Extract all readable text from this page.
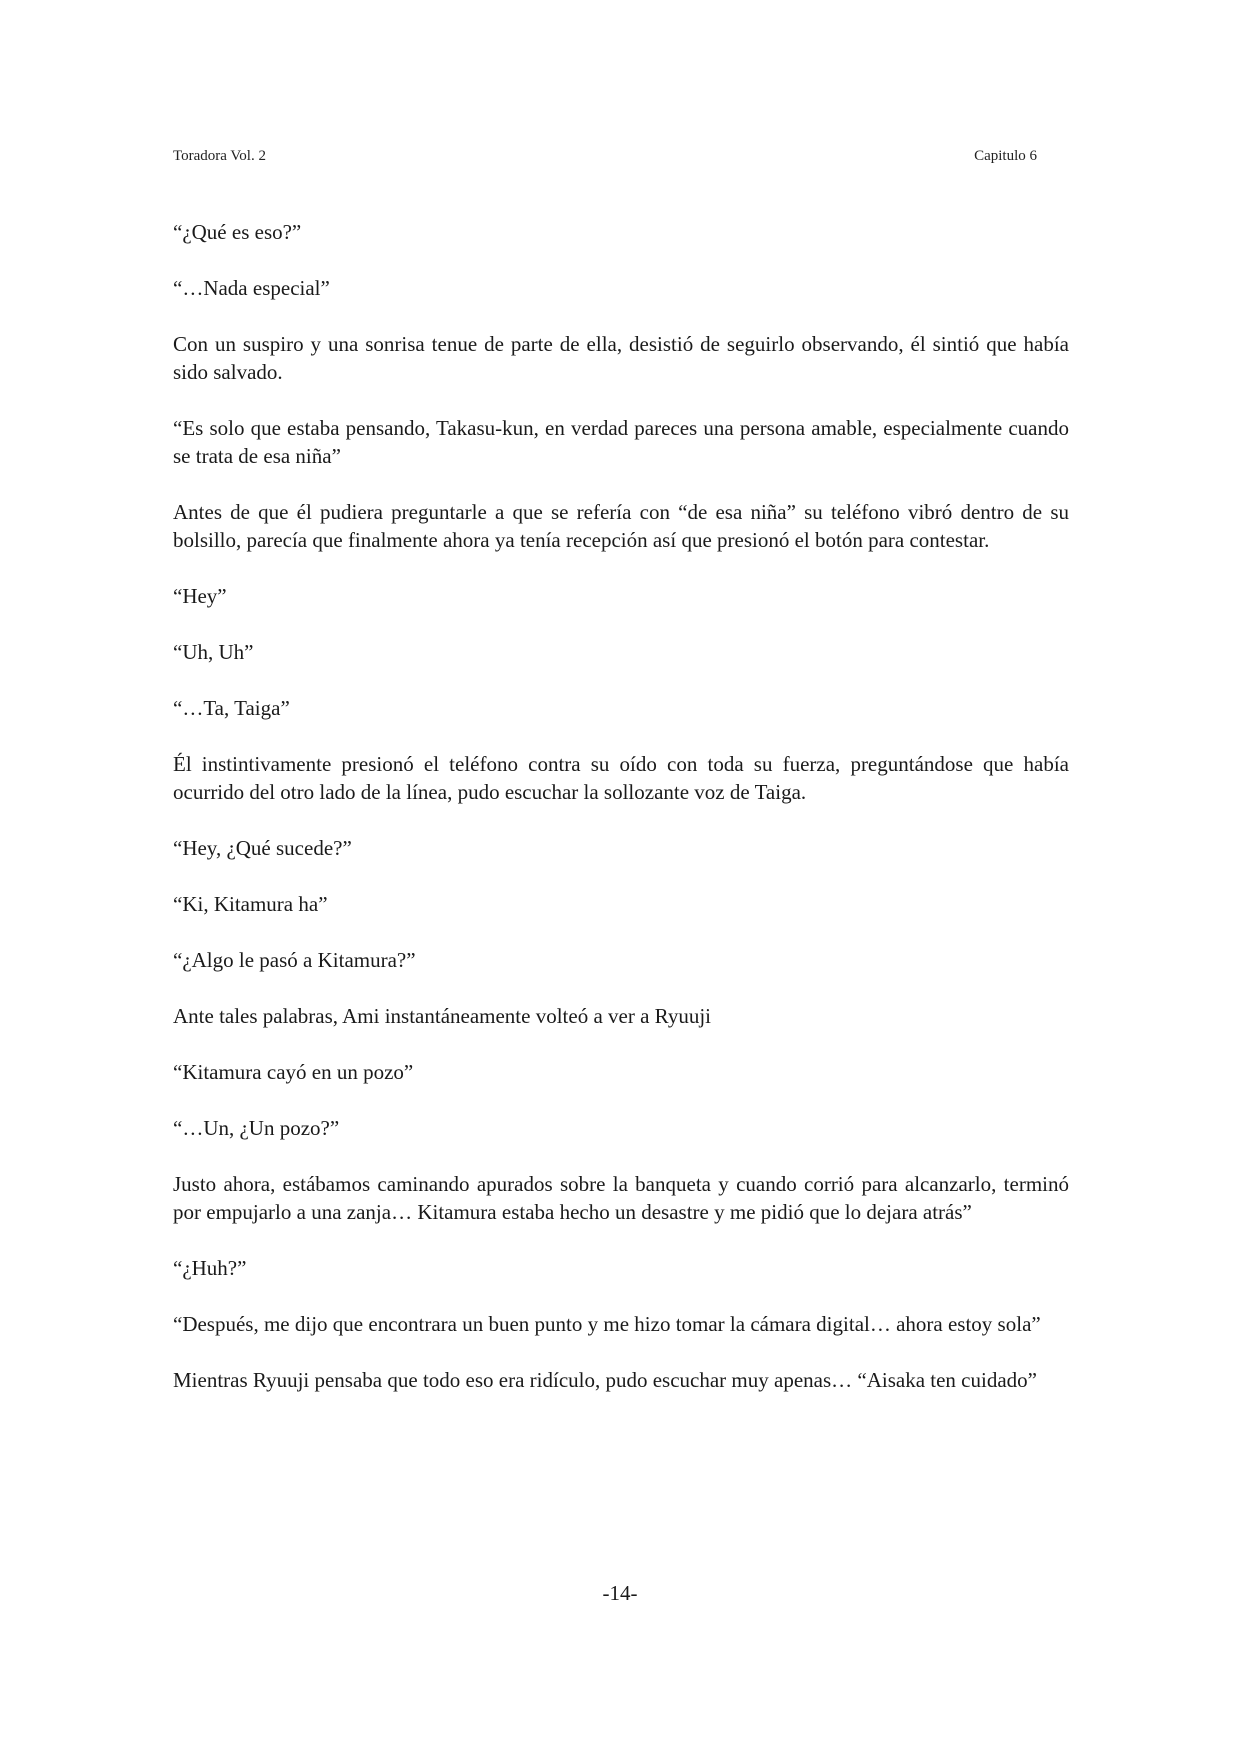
Toradora Vol. 2	Capitulo 6

“¿Qué es eso?”

“…Nada especial”

Con un suspiro y una sonrisa tenue de parte de ella, desistió de seguirlo observando, él sintió que había sido salvado.

“Es solo que estaba pensando, Takasu-kun, en verdad pareces una persona amable, especialmente cuando se trata de esa niña”

Antes de que él pudiera preguntarle a que se refería con “de esa niña” su teléfono vibró dentro de su bolsillo, parecía que finalmente ahora ya tenía recepción así que presionó el botón para contestar.

“Hey”

“Uh, Uh”

“…Ta, Taiga”

Él instintivamente presionó el teléfono contra su oído con toda su fuerza, preguntándose que había ocurrido del otro lado de la línea, pudo escuchar la sollozante voz de Taiga.

“Hey, ¿Qué sucede?”

“Ki, Kitamura ha”

“¿Algo le pasó a Kitamura?”

Ante tales palabras, Ami instantáneamente volteó a ver a Ryuuji

“Kitamura cayó en un pozo”

“…Un, ¿Un pozo?”

Justo ahora, estábamos caminando apurados sobre la banqueta y cuando corrió para alcanzarlo, terminó por empujarlo a una zanja… Kitamura estaba hecho un desastre y me pidió que lo dejara atrás”

“¿Huh?”

“Después, me dijo que encontrara un buen punto y me hizo tomar la cámara digital… ahora estoy sola”

Mientras Ryuuji pensaba que todo eso era ridículo, pudo escuchar muy apenas… “Aisaka ten cuidado”

-14-
